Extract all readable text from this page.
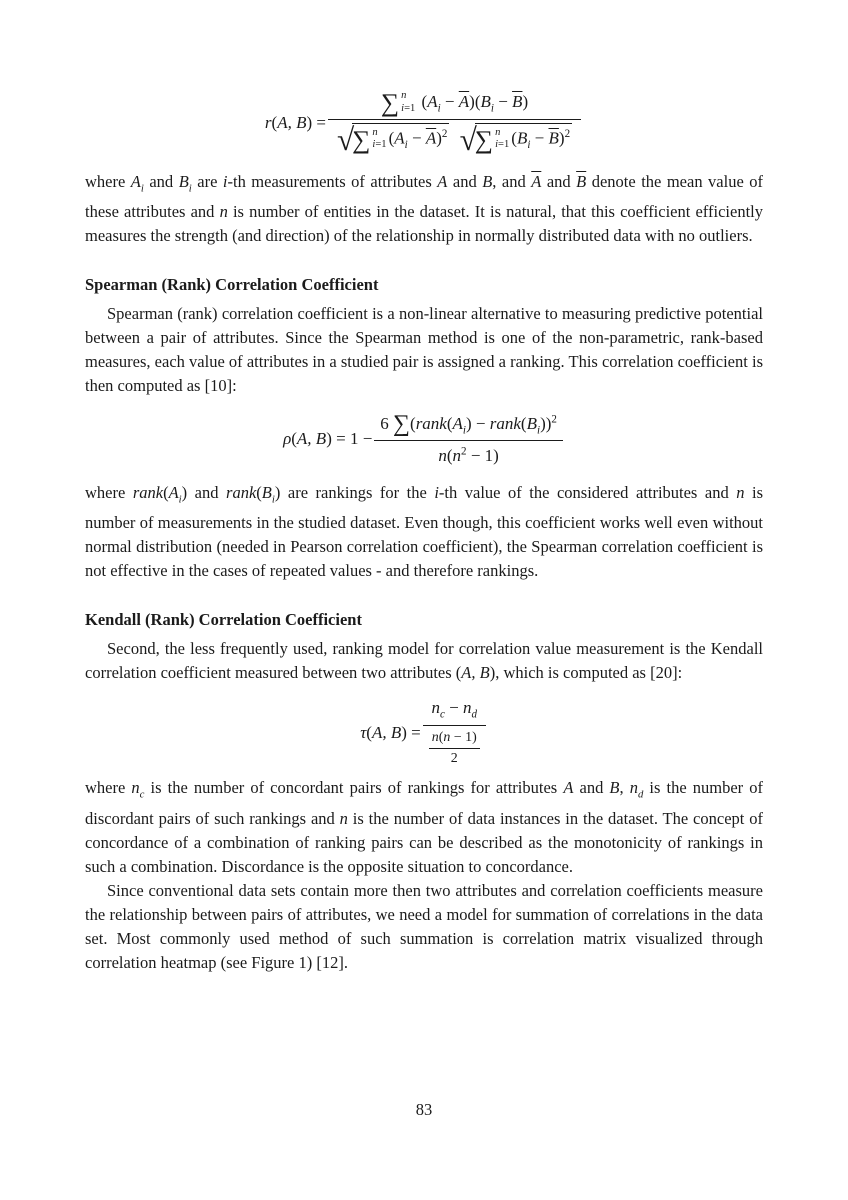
r(A, B) =
∑ n
i=1 $(A_i - \overline{A})(B_i - \overline{B})$
√
∑ n
i=1 $(A_i - \overline{A})^2$
√
∑ n
i=1 $(B_i - \overline{B})^2$

where $A_i$ and $B_i$ are i-th measurements of attributes A and B, and $\overline{A}$ and $\overline{B}$ denote the mean value of these attributes and n is number of entities in the dataset. It is natural, that this coefficient efficiently measures the strength (and direction) of the relationship in normally distributed data with no outliers.

Spearman (Rank) Correlation Coefficient

Spearman (rank) correlation coefficient is a non-linear alternative to measuring predictive potential between a pair of attributes. Since the Spearman method is one of the non-parametric, rank-based measures, each value of attributes in a studied pair is assigned a ranking. This correlation coefficient is then computed as [10]:

ρ(A, $B) = 1 - \frac{6 \sum(rank(A_i) - rank(B_i))^2}{n(n^2 - 1)}$

where $rank(A_i)$ and $rank(B_i)$ are rankings for the i-th value of the considered attributes and n is number of measurements in the studied dataset. Even though, this coefficient works well even without normal distribution (needed in Pearson correlation coefficient), the Spearman correlation coefficient is not effective in the cases of repeated values - and therefore rankings.

Kendall (Rank) Correlation Coefficient

Second, the less frequently used, ranking model for correlation value measurement is the Kendall correlation coefficient measured between two attributes (A, B), which is computed as [20]:

τ(A, $B) = \frac{n_c - n_d}{\frac{n(n - 1)}{2}}$

where $n_c$ is the number of concordant pairs of rankings for attributes A and B, $n_d$ is the number of discordant pairs of such rankings and n is the number of data instances in the dataset. The concept of concordance of a combination of ranking pairs can be described as the monotonicity of rankings in such a combination. Discordance is the opposite situation to concordance.

Since conventional data sets contain more then two attributes and correlation coefficients measure the relationship between pairs of attributes, we need a model for summation of correlations in the data set. Most commonly used method of such summation is correlation matrix visualized through correlation heatmap (see Figure 1) [12].

83
